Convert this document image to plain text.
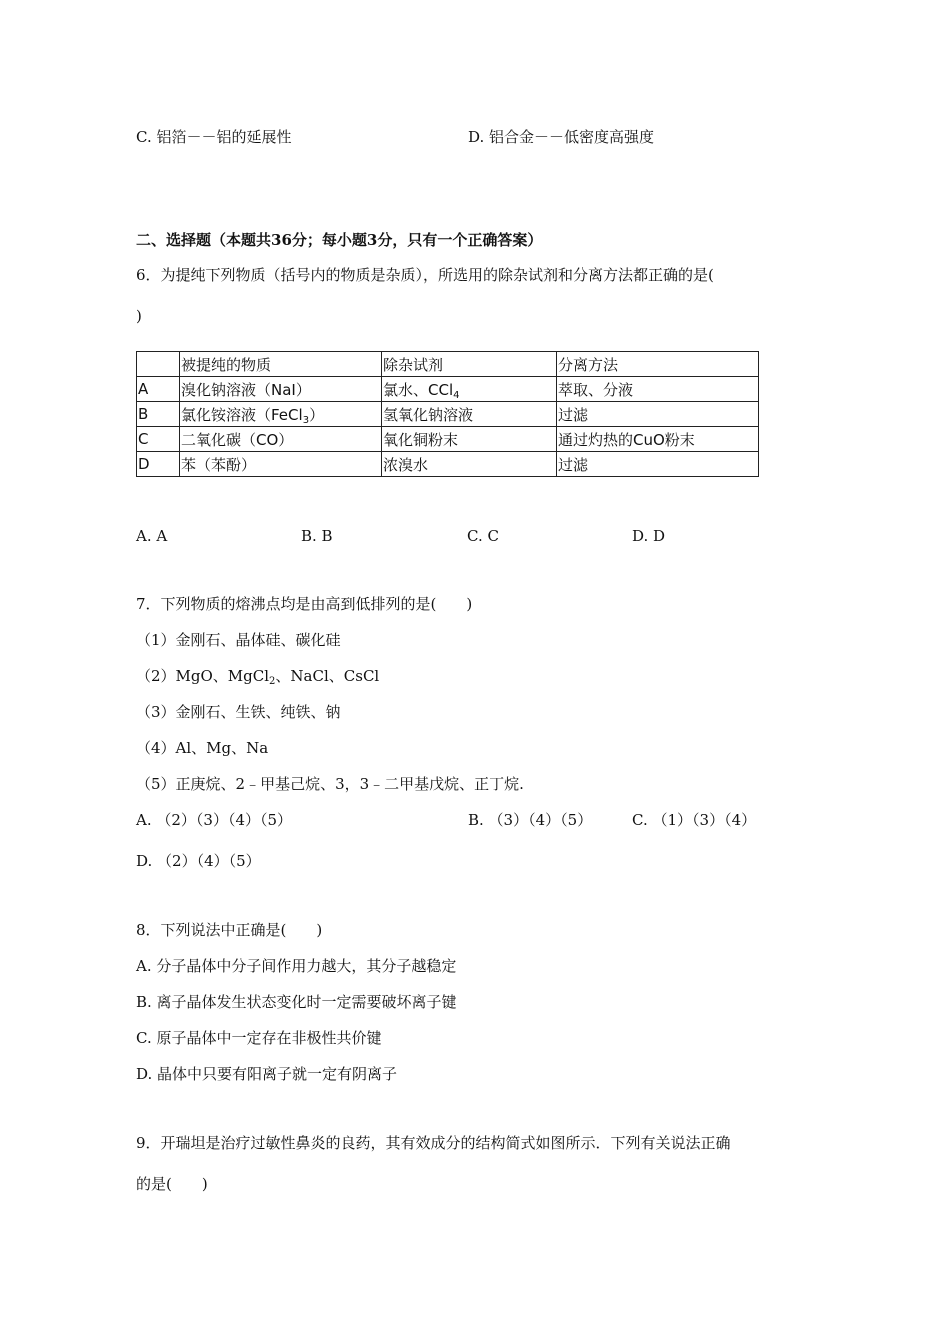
C. 铝箔－－铝的延展性	D. 铝合金－－低密度高强度
二、选择题（本题共36分；每小题3分，只有一个正确答案）
6．为提纯下列物质（括号内的物质是杂质），所选用的除杂试剂和分离方法都正确的是(
)
	被提纯的物质	除杂试剂	分离方法
A	溴化钠溶液（NaI）	氯水、CCl$_4$	萃取、分液
B	氯化铵溶液（FeCl$_3$）	氢氧化钠溶液	过滤
C	二氧化碳（CO）	氧化铜粉末	通过灼热的CuO粉末
D	苯（苯酚）	浓溴水	过滤
A. A	B. B	C. C	D. D
7．下列物质的熔沸点均是由高到低排列的是(　　)
（1）金刚石、晶体硅、碳化硅
（2）MgO、MgCl$_2$、NaCl、CsCl
（3）金刚石、生铁、纯铁、钠
（4）Al、Mg、Na
（5）正庚烷、2﹣甲基己烷、3，3﹣二甲基戊烷、正丁烷.
A. （2）（3）（4）（5）	B. （3）（4）（5）	C. （1）（3）（4）
D. （2）（4）（5）
8．下列说法中正确是(　　)
A. 分子晶体中分子间作用力越大，其分子越稳定
B. 离子晶体发生状态变化时一定需要破坏离子键
C. 原子晶体中一定存在非极性共价键
D. 晶体中只要有阳离子就一定有阴离子
9．开瑞坦是治疗过敏性鼻炎的良药，其有效成分的结构简式如图所示．下列有关说法正确
的是(　　)
